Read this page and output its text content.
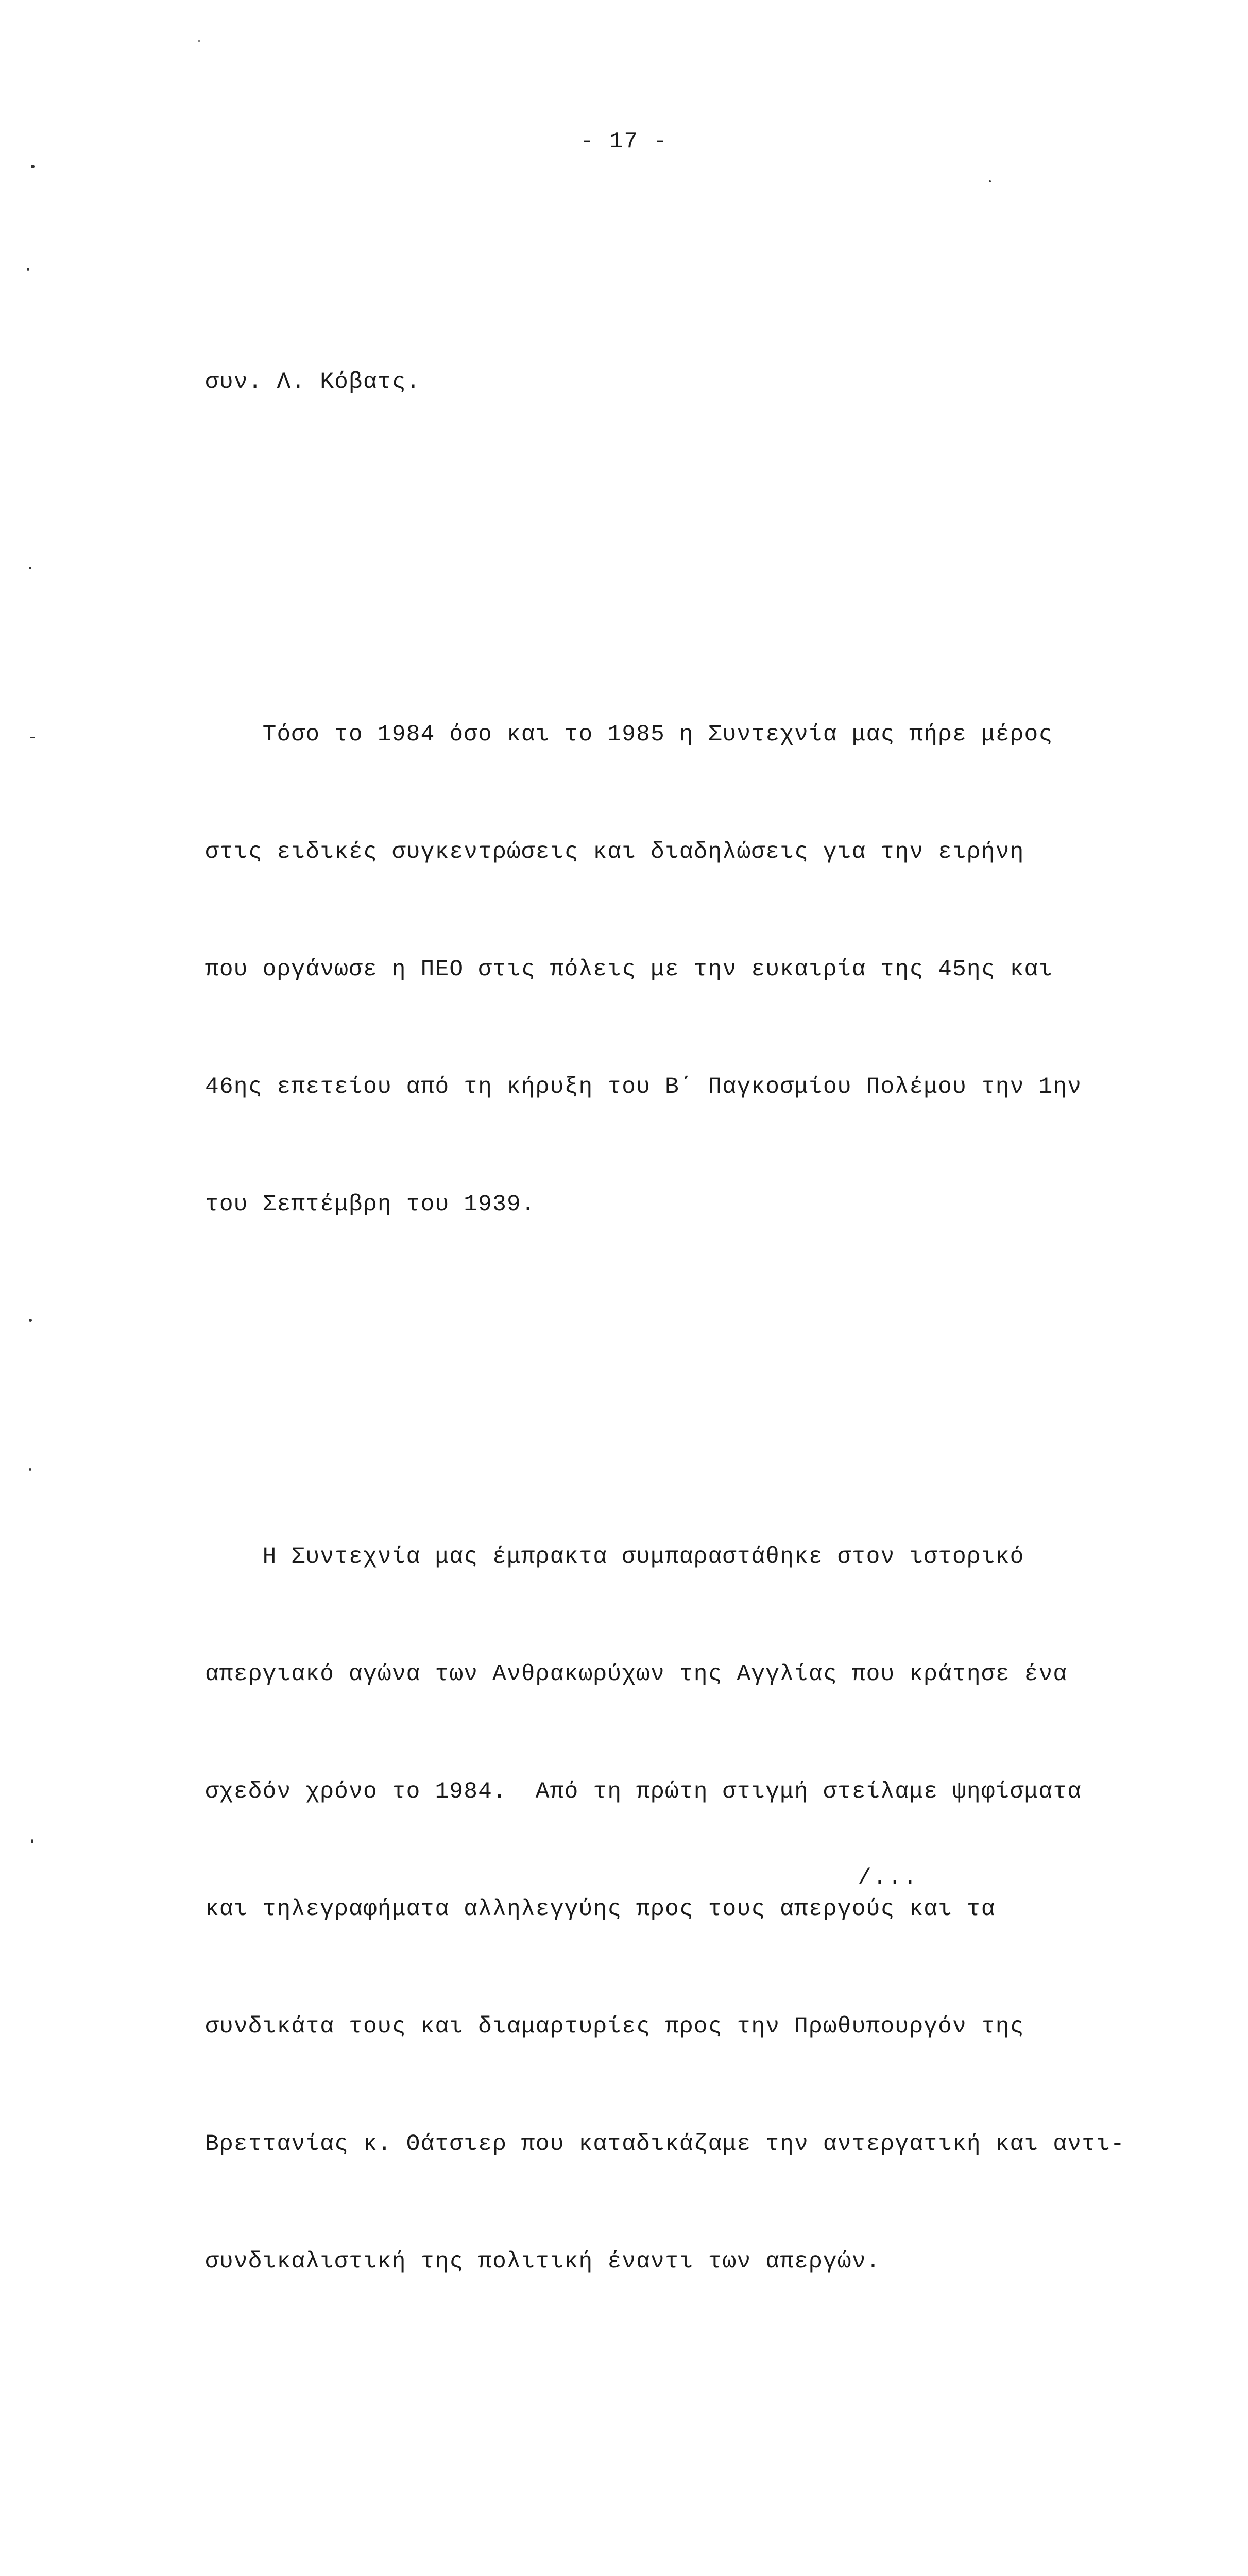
- 17 -

συν. Λ. Κόβατς.

Τόσο το 1984 όσο και το 1985 η Συντεχνία μας πήρε μέρος

στις ειδικές συγκεντρώσεις και διαδηλώσεις για την ειρήνη

που οργάνωσε η ΠΕΟ στις πόλεις με την ευκαιρία της 45ης και

46ης επετείου από τη κήρυξη του Β΄ Παγκοσμίου Πολέμου την 1ην

του Σεπτέμβρη του 1939.

Η Συντεχνία μας έμπρακτα συμπαραστάθηκε στον ιστορικό

απεργιακό αγώνα των Ανθρακωρύχων της Αγγλίας που κράτησε ένα

σχεδόν χρόνο το 1984.  Από τη πρώτη στιγμή στείλαμε ψηφίσματα

και τηλεγραφήματα αλληλεγγύης προς τους απεργούς και τα

συνδικάτα τους και διαμαρτυρίες προς την Πρωθυπουργόν της

Βρεττανίας κ. Θάτσιερ που καταδικάζαμε την αντεργατική και αντι-

συνδικαλιστική της πολιτική έναντι των απεργών.

/...
